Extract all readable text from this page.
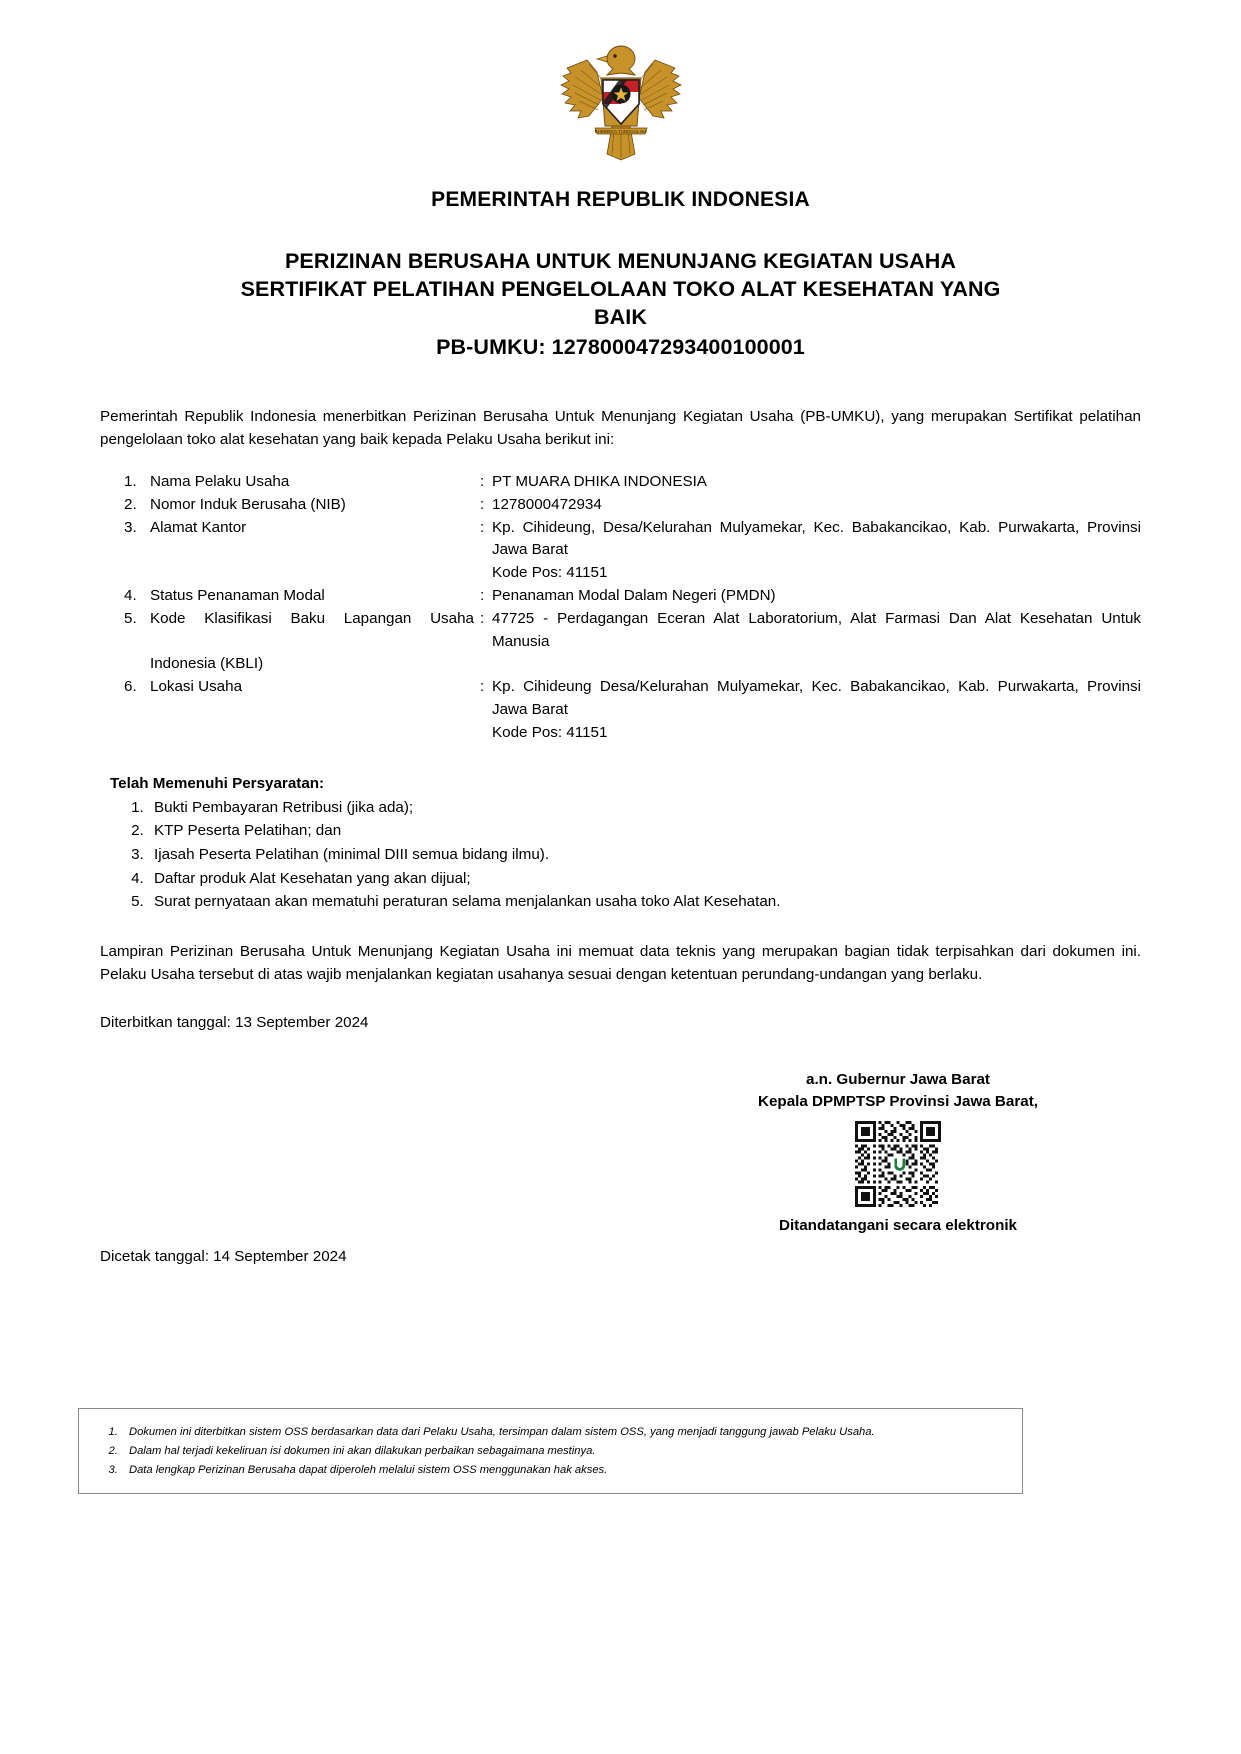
BHINNEKA TUNGGAL IKA
PEMERINTAH REPUBLIK INDONESIA
PERIZINAN BERUSAHA UNTUK MENUNJANG KEGIATAN USAHA
SERTIFIKAT PELATIHAN PENGELOLAAN TOKO ALAT KESEHATAN YANG
BAIK
PB-UMKU: 127800047293400100001
Pemerintah Republik Indonesia menerbitkan Perizinan Berusaha Untuk Menunjang Kegiatan Usaha (PB-UMKU), yang merupakan Sertifikat pelatihan pengelolaan toko alat kesehatan yang baik kepada Pelaku Usaha berikut ini:
1. Nama Pelaku Usaha	: PT MUARA DHIKA INDONESIA
2. Nomor Induk Berusaha (NIB)	: 1278000472934
3. Alamat Kantor	: Kp. Cihideung, Desa/Kelurahan Mulyamekar, Kec. Babakancikao, Kab. Purwakarta, Provinsi Jawa Barat
Kode Pos: 41151
4. Status Penanaman Modal	: Penanaman Modal Dalam Negeri (PMDN)
5. Kode Klasifikasi Baku Lapangan Usaha : 47725 - Perdagangan Eceran Alat Laboratorium, Alat Farmasi Dan Alat Kesehatan Untuk Manusia
Indonesia (KBLI)
6. Lokasi Usaha	: Kp. Cihideung Desa/Kelurahan Mulyamekar, Kec. Babakancikao, Kab. Purwakarta, Provinsi Jawa Barat
Kode Pos: 41151
Telah Memenuhi Persyaratan:
1. Bukti Pembayaran Retribusi (jika ada);
2. KTP Peserta Pelatihan; dan
3. Ijasah Peserta Pelatihan (minimal DIII semua bidang ilmu).
4. Daftar produk Alat Kesehatan yang akan dijual;
5. Surat pernyataan akan mematuhi peraturan selama menjalankan usaha toko Alat Kesehatan.
Lampiran Perizinan Berusaha Untuk Menunjang Kegiatan Usaha ini memuat data teknis yang merupakan bagian tidak terpisahkan dari dokumen ini. Pelaku Usaha tersebut di atas wajib menjalankan kegiatan usahanya sesuai dengan ketentuan perundang-undangan yang berlaku.
Diterbitkan tanggal: 13 September 2024
a.n. Gubernur Jawa Barat
Kepala DPMPTSP Provinsi Jawa Barat,
Ditandatangani secara elektronik
Dicetak tanggal: 14 September 2024
1. Dokumen ini diterbitkan sistem OSS berdasarkan data dari Pelaku Usaha, tersimpan dalam sistem OSS, yang menjadi tanggung jawab Pelaku Usaha.
2. Dalam hal terjadi kekeliruan isi dokumen ini akan dilakukan perbaikan sebagaimana mestinya.
3. Data lengkap Perizinan Berusaha dapat diperoleh melalui sistem OSS menggunakan hak akses.
